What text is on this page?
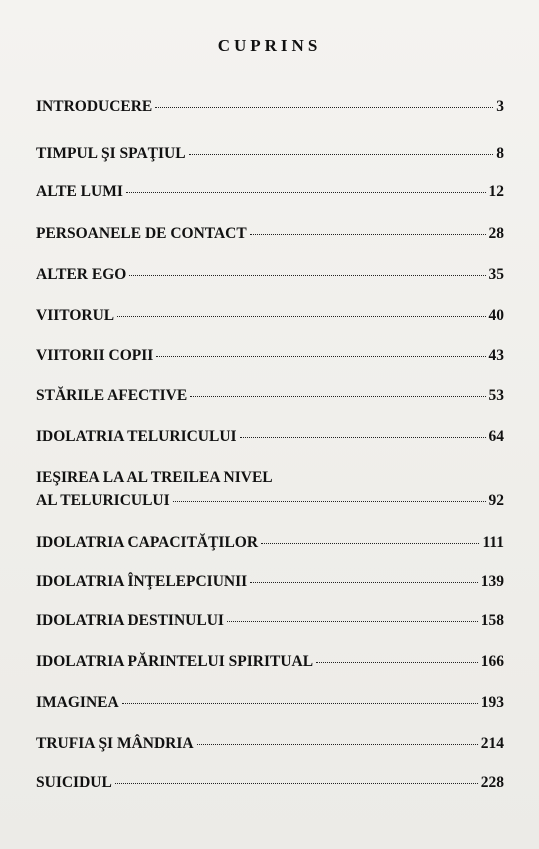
CUPRINS
INTRODUCERE	3
TIMPUL ŞI SPAŢIUL	8
ALTE LUMI	12
PERSOANELE DE CONTACT	28
ALTER EGO	35
VIITORUL	40
VIITORII COPII	43
STĂRILE AFECTIVE	53
IDOLATRIA TELURICULUI	64
IEŞIREA LA AL TREILEA NIVEL
AL TELURICULUI	92
IDOLATRIA CAPACITĂŢILOR	111
IDOLATRIA ÎNŢELEPCIUNII	139
IDOLATRIA DESTINULUI	158
IDOLATRIA PĂRINTELUI SPIRITUAL	166
IMAGINEA	193
TRUFIA ŞI MÂNDRIA	214
SUICIDUL	228
